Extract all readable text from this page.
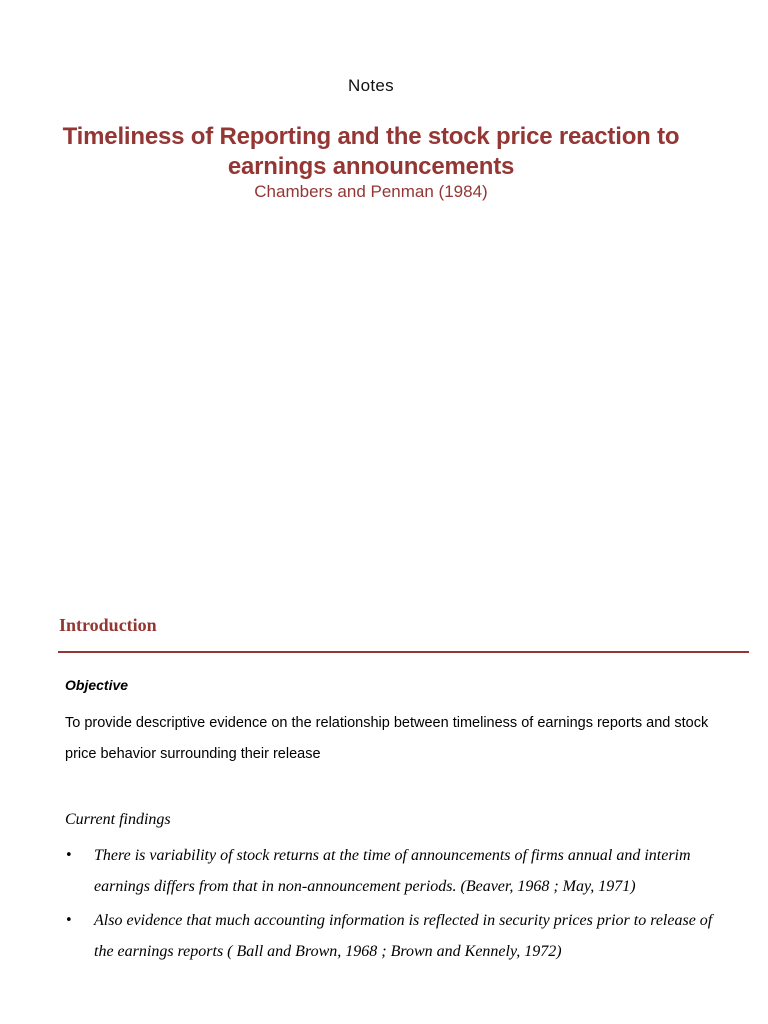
Notes
Timeliness of Reporting and the stock price reaction to earnings announcements
Chambers and Penman (1984)
Introduction
Objective
To provide descriptive evidence on the relationship between timeliness of earnings reports and stock price behavior surrounding their release
Current findings
• There is variability of stock returns at the time of announcements of firms annual and interim earnings differs from that in non-announcement periods. (Beaver, 1968 ; May, 1971)
• Also evidence that much accounting information is reflected in security prices prior to release of the earnings reports ( Ball and Brown, 1968 ; Brown and Kennely, 1972)
